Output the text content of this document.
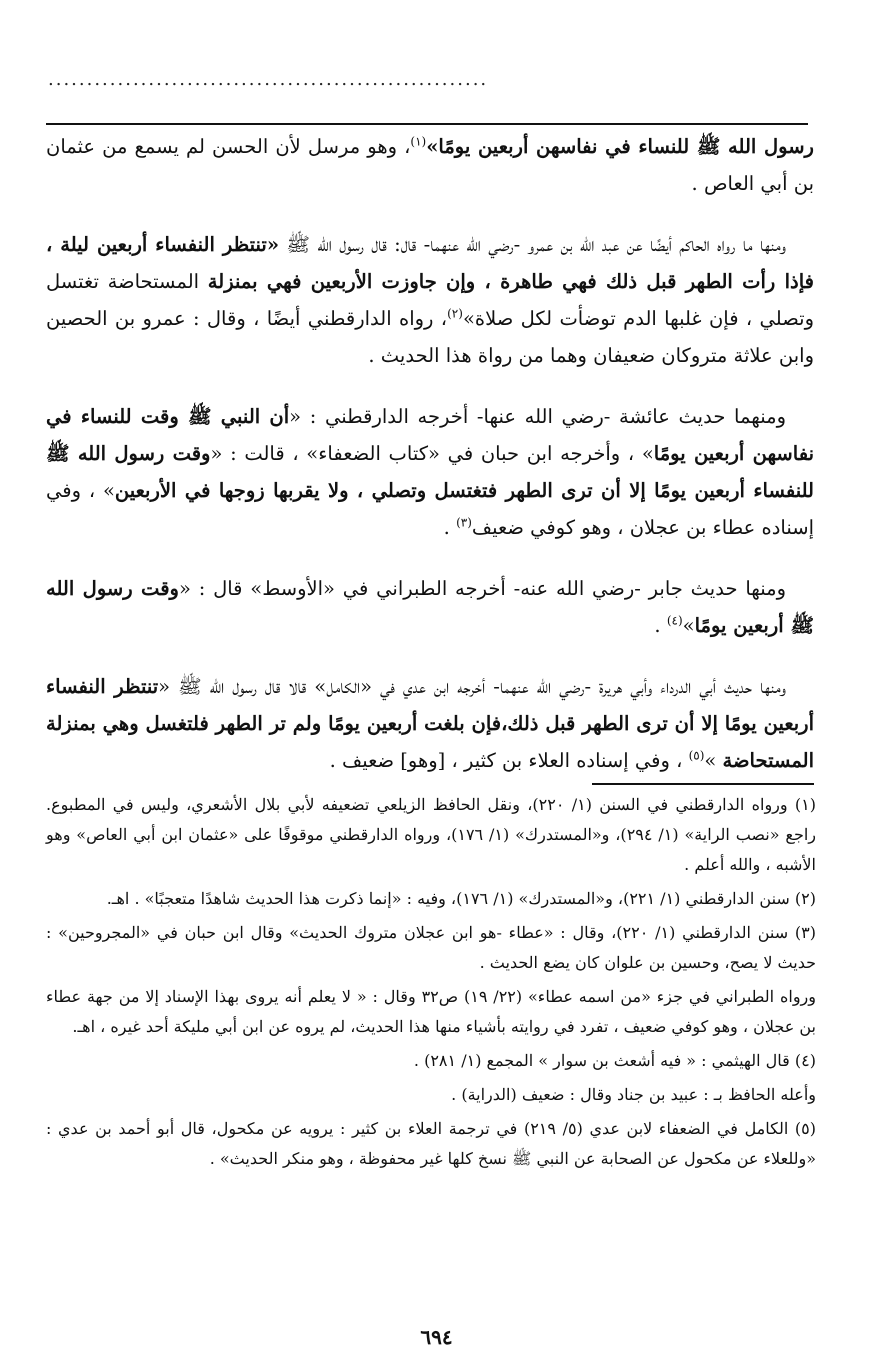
.........................................................

رسول الله ﷺ للنساء في نفاسهن أربعين يومًا»$^{(١)}$، وهو مرسل لأن الحسن لم يسمع من عثمان بن أبي العاص .

ومنها ما رواه الحاكم أيضًا عن عبد الله بن عمرو -رضي الله عنهما- قال: قال رسول الله ﷺ «تنتظر النفساء أربعين ليلة ، فإذا رأت الطهر قبل ذلك فهي طاهرة ، وإن جاوزت الأربعين فهي بمنزلة المستحاضة تغتسل وتصلي ، فإن غلبها الدم توضأت لكل صلاة»$^{(٢)}$، رواه الدارقطني أيضًا ، وقال : عمرو بن الحصين وابن علاثة متروكان ضعيفان وهما من رواة هذا الحديث .

ومنهما حديث عائشة -رضي الله عنها- أخرجه الدارقطني : «أن النبي ﷺ وقت للنساء في نفاسهن أربعين يومًا» ، وأخرجه ابن حبان في «كتاب الضعفاء» ، قالت : «وقت رسول الله ﷺ للنفساء أربعين يومًا إلا أن ترى الطهر فتغتسل وتصلي ، ولا يقربها زوجها في الأربعين» ، وفي إسناده عطاء بن عجلان ، وهو كوفي ضعيف$^{(٣)}$ .

ومنها حديث جابر -رضي الله عنه- أخرجه الطبراني في «الأوسط» قال : «وقت رسول الله ﷺ أربعين يومًا»$^{(٤)}$ .

ومنها حديث أبي الدرداء وأبي هريرة -رضي الله عنهما- أخرجه ابن عدي في «الكامل» قالا قال رسول الله ﷺ «تنتظر النفساء أربعين يومًا إلا أن ترى الطهر قبل ذلك،فإن بلغت أربعين يومًا ولم تر الطهر فلتغسل وهي بمنزلة المستحاضة »$^{(٥)}$ ، وفي إسناده العلاء بن كثير ، [وهو] ضعيف .

(١) ورواه الدارقطني في السنن (١/ ٢٢٠)، ونقل الحافظ الزيلعي تضعيفه لأبي بلال الأشعري، وليس في المطبوع. راجع «نصب الراية» (١/ ٢٩٤)، و«المستدرك» (١/ ١٧٦)، ورواه الدارقطني موقوفًا على «عثمان ابن أبي العاص» وهو الأشبه ، والله أعلم .

(٢) سنن الدارقطني (١/ ٢٢١)، و«المستدرك» (١/ ١٧٦)، وفيه : «إنما ذكرت هذا الحديث شاهدًا متعجبًا» . اهـ.

(٣) سنن الدارقطني (١/ ٢٢٠)، وقال : «عطاء -هو ابن عجلان متروك الحديث» وقال ابن حبان في «المجروحين» : حديث لا يصح، وحسين بن علوان كان يضع الحديث .

ورواه الطبراني في جزء «من اسمه عطاء» (٢٢/ ١٩) ص٣٢ وقال : « لا يعلم أنه يروى بهذا الإسناد إلا من جهة عطاء بن عجلان ، وهو كوفي ضعيف ، تفرد في روايته بأشياء منها هذا الحديث، لم يروه عن ابن أبي مليكة أحد غيره ، اهـ.

(٤) قال الهيثمي : « فيه أشعث بن سوار » المجمع (١/ ٢٨١) .

وأعله الحافظ بـ : عبيد بن جناد وقال : ضعيف (الدراية) .

(٥) الكامل في الضعفاء لابن عدي (٥/ ٢١٩) في ترجمة العلاء بن كثير : يرويه عن مكحول، قال أبو أحمد بن عدي : «وللعلاء عن مكحول عن الصحابة عن النبي ﷺ نسخ كلها غير محفوظة ، وهو منكر الحديث» .

٦٩٤
